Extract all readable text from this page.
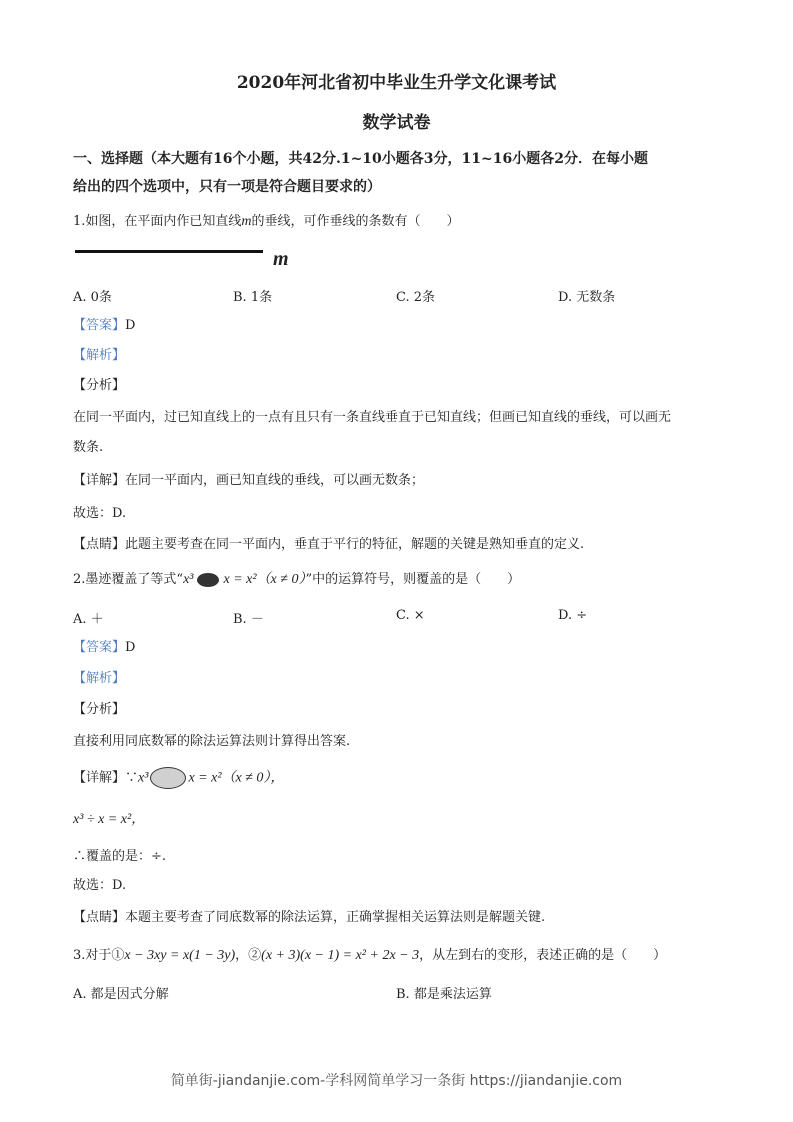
2020年河北省初中毕业生升学文化课考试
数学试卷
一、选择题（本大题有16个小题，共42分.1~10小题各3分，11~16小题各2分．在每小题
给出的四个选项中，只有一项是符合题目要求的）
1.如图，在平面内作已知直线m的垂线，可作垂线的条数有（　　）
m
A. 0条	B. 1条	C. 2条	D. 无数条
【答案】D
【解析】
【分析】
在同一平面内，过已知直线上的一点有且只有一条直线垂直于已知直线；但画已知直线的垂线，可以画无
数条.
【详解】在同一平面内，画已知直线的垂线，可以画无数条；
故选：D.
【点睛】此题主要考查在同一平面内，垂直于平行的特征，解题的关键是熟知垂直的定义.
2.墨迹覆盖了等式“x³ x = x²（x ≠ 0）”中的运算符号，则覆盖的是（　　）
A. ＋	B. －	C. ×	D. ÷
【答案】D
【解析】
【分析】
直接利用同底数幂的除法运算法则计算得出答案.
【详解】∵x³	x = x²（x ≠ 0），
x³ ÷ x = x²，
∴覆盖的是：÷.
故选：D.
【点睛】本题主要考查了同底数幂的除法运算，正确掌握相关运算法则是解题关键.
3.对于①x − 3xy = x(1 − 3y)，②(x + 3)(x − 1) = x² + 2x − 3，从左到右的变形，表述正确的是（　　）
A. 都是因式分解	B. 都是乘法运算
简单街-jiandanjie.com-学科网简单学习一条街 https://jiandanjie.com
